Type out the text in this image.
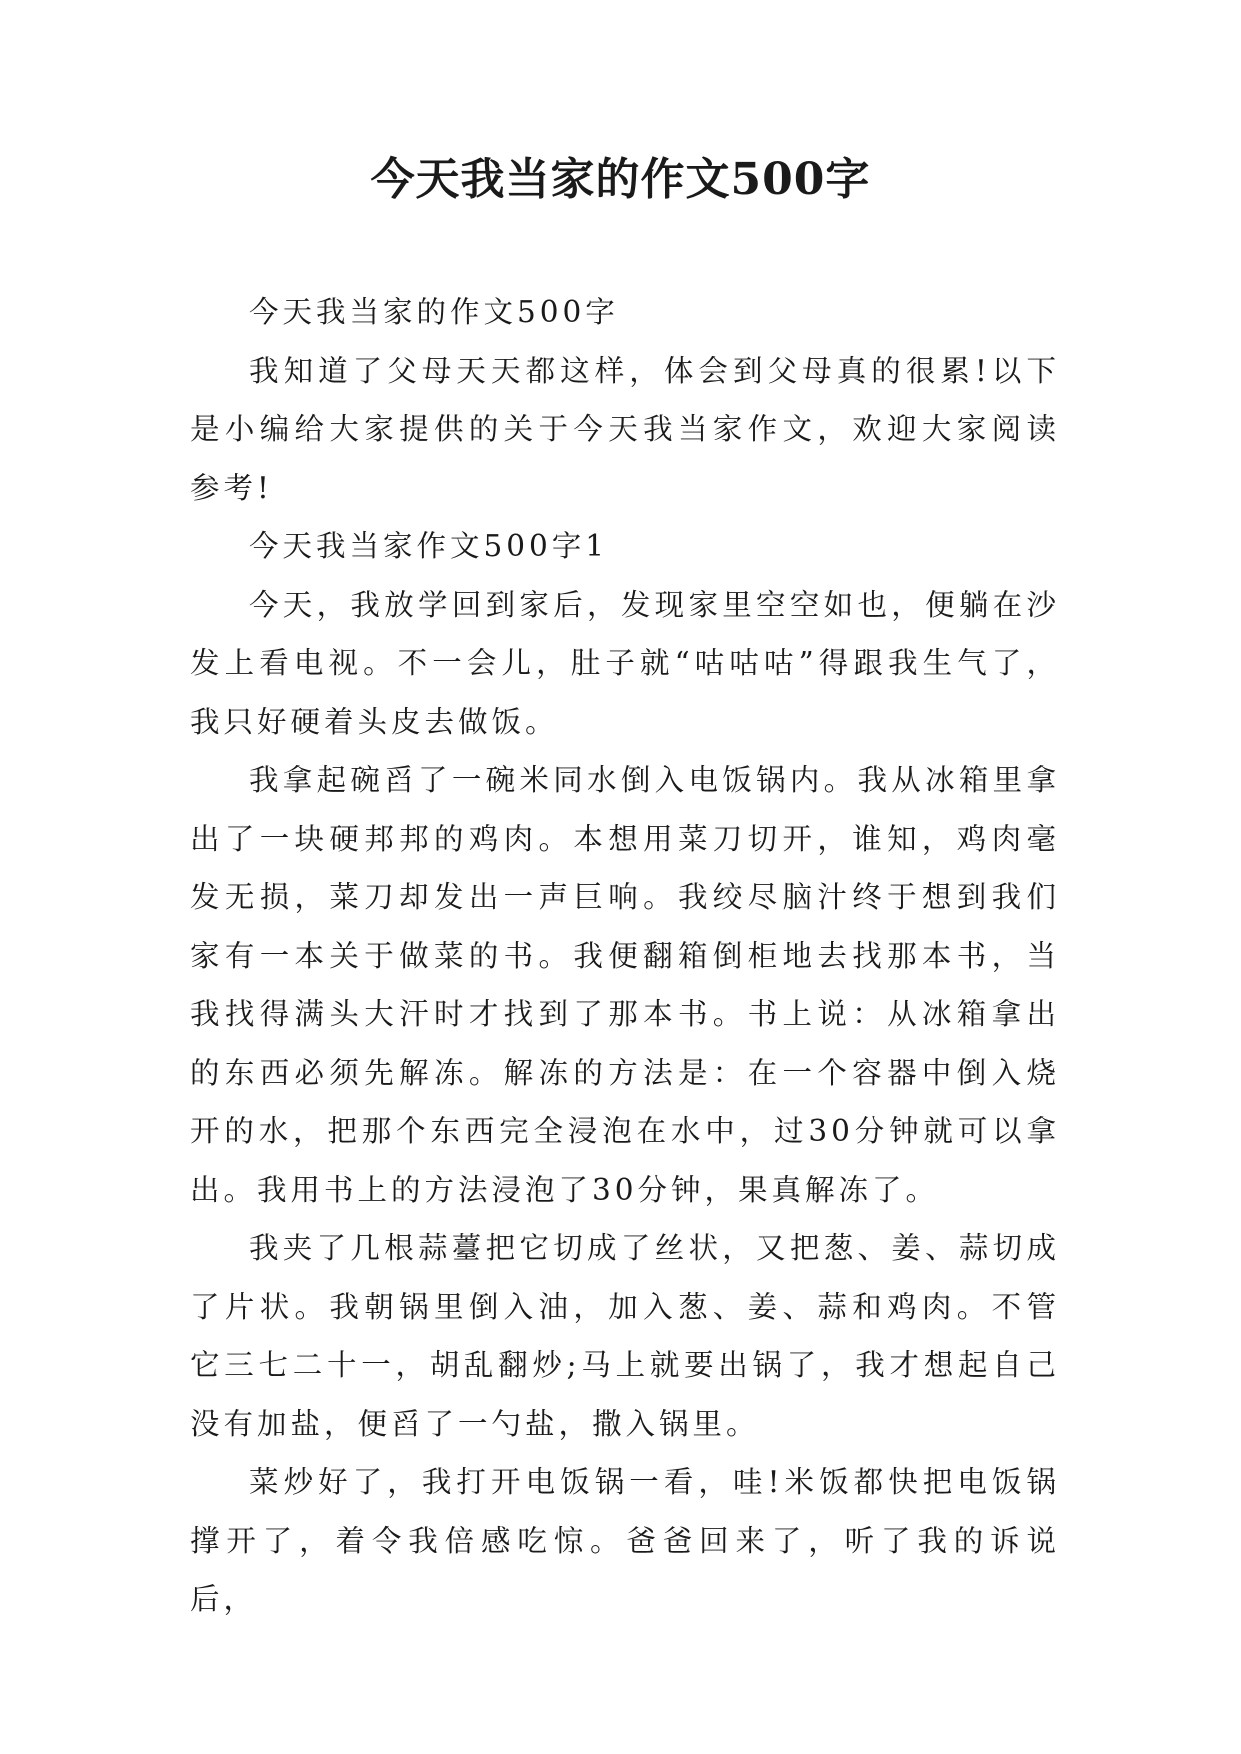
今天我当家的作文500字

今天我当家的作文500字

我知道了父母天天都这样，体会到父母真的很累!以下是小编给大家提供的关于今天我当家作文，欢迎大家阅读参考!

今天我当家作文500字1

今天，我放学回到家后，发现家里空空如也，便躺在沙发上看电视。不一会儿，肚子就“咕咕咕”得跟我生气了，我只好硬着头皮去做饭。

我拿起碗舀了一碗米同水倒入电饭锅内。我从冰箱里拿出了一块硬邦邦的鸡肉。本想用菜刀切开，谁知，鸡肉毫发无损，菜刀却发出一声巨响。我绞尽脑汁终于想到我们家有一本关于做菜的书。我便翻箱倒柜地去找那本书，当我找得满头大汗时才找到了那本书。书上说：从冰箱拿出的东西必须先解冻。解冻的方法是：在一个容器中倒入烧开的水，把那个东西完全浸泡在水中，过30分钟就可以拿出。我用书上的方法浸泡了30分钟，果真解冻了。

我夹了几根蒜薹把它切成了丝状，又把葱、姜、蒜切成了片状。我朝锅里倒入油，加入葱、姜、蒜和鸡肉。不管它三七二十一，胡乱翻炒;马上就要出锅了，我才想起自己没有加盐，便舀了一勺盐，撒入锅里。

菜炒好了，我打开电饭锅一看，哇!米饭都快把电饭锅撑开了，着令我倍感吃惊。爸爸回来了，听了我的诉说后，
